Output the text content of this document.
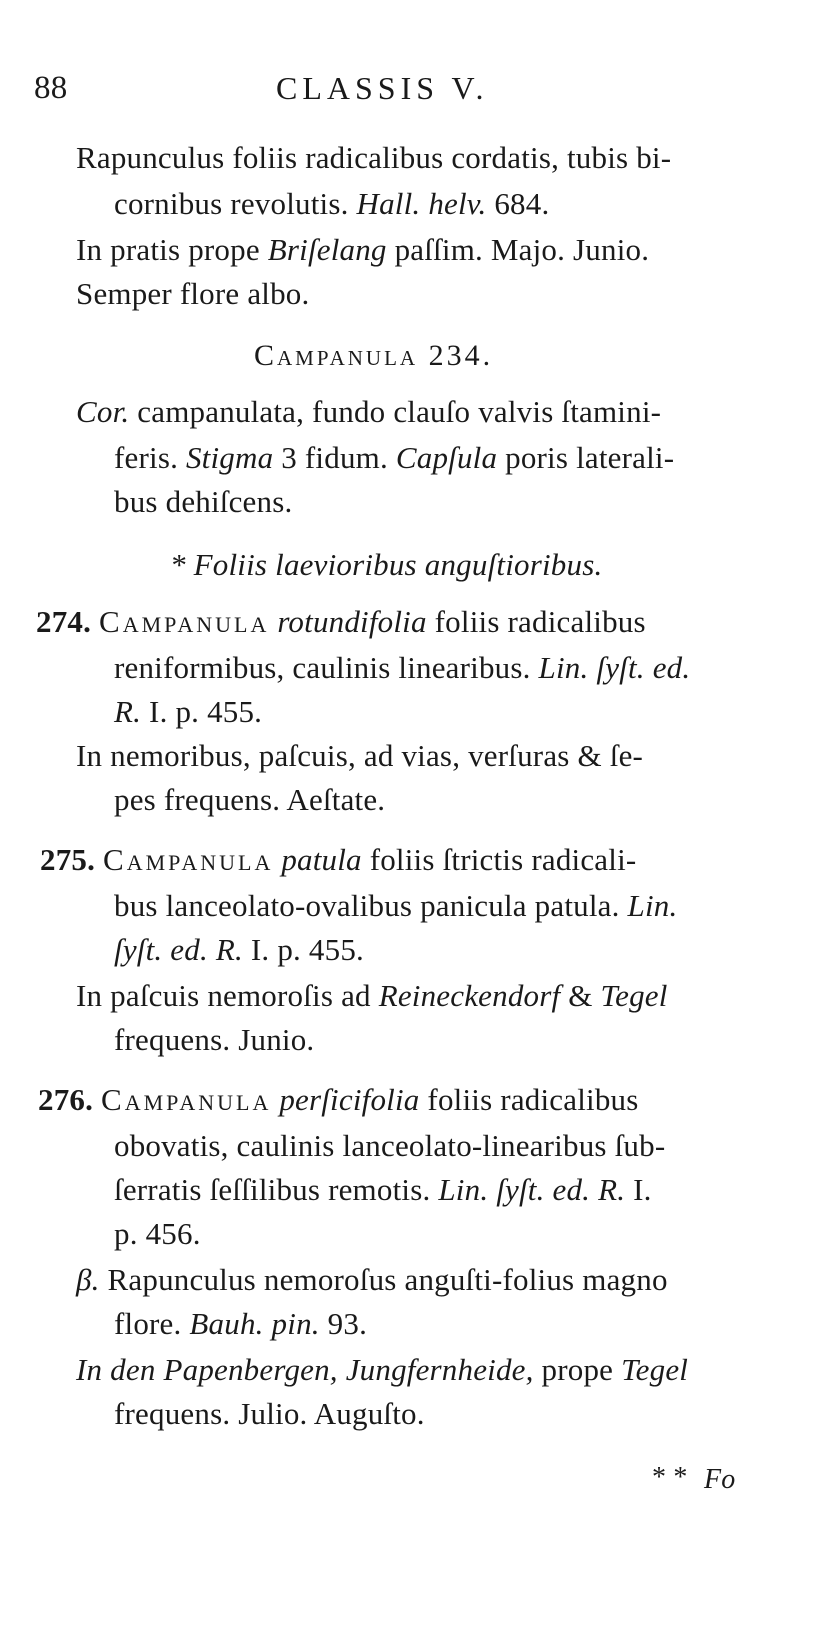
88	CLASSIS V.
Rapunculus foliis radicalibus cordatis, tubis bi-
cornibus revolutis. Hall. helv. 684.
In pratis prope Briſelang paſſim. Majo. Junio.
Semper flore albo.
Campanula 234.
Cor. campanulata, fundo clauſo valvis ſtamini-
feris. Stigma 3 fidum. Capſula poris laterali-
bus dehiſcens.
* Foliis laevioribus anguſtioribus.
274. Campanula rotundifolia foliis radicalibus
reniformibus, caulinis linearibus. Lin. ſyſt. ed.
R. I. p. 455.
In nemoribus, paſcuis, ad vias, verſuras & ſe-
pes frequens. Aeſtate.
275. Campanula patula foliis ſtrictis radicali-
bus lanceolato-ovalibus panicula patula. Lin.
ſyſt. ed. R. I. p. 455.
In paſcuis nemoroſis ad Reineckendorf & Tegel
frequens. Junio.
276. Campanula perſicifolia foliis radicalibus
obovatis, caulinis lanceolato-linearibus ſub-
ſerratis ſeſſilibus remotis. Lin. ſyſt. ed. R. I.
p. 456.
β. Rapunculus nemoroſus anguſti-folius magno
flore. Bauh. pin. 93.
In den Papenbergen, Jungfernheide, prope Tegel
frequens. Julio. Auguſto.
* * Fo
